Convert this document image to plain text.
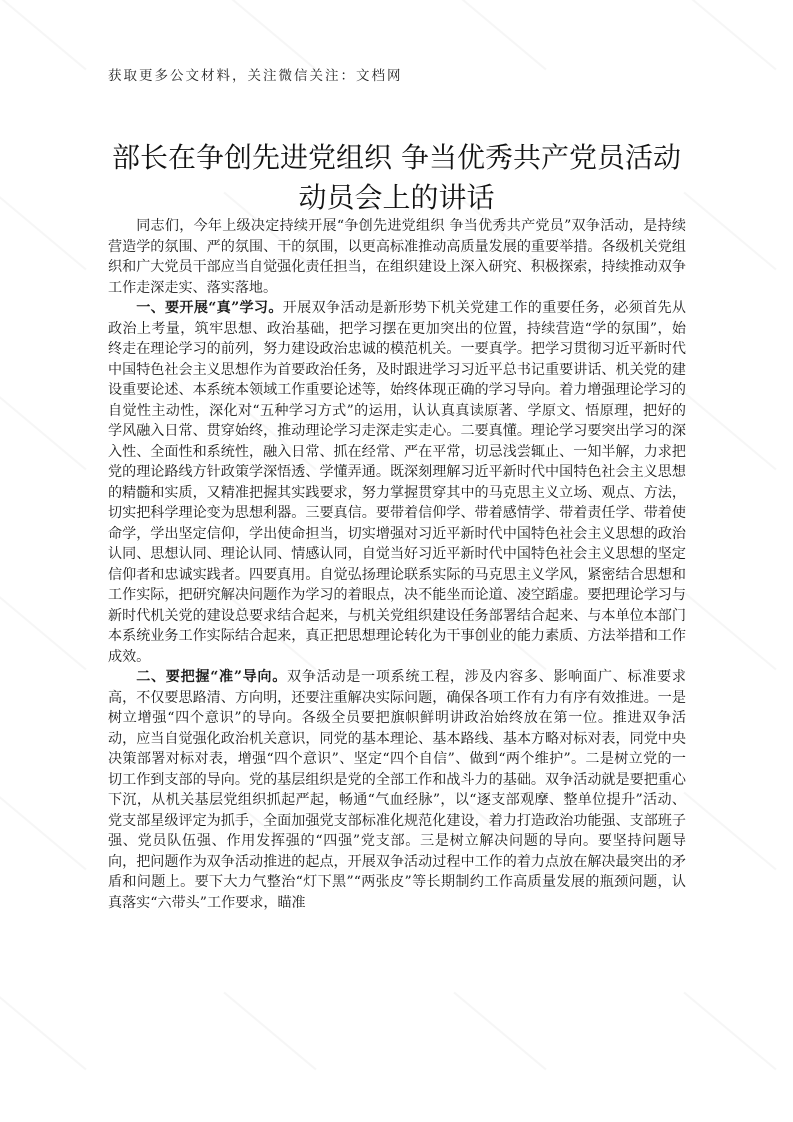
获取更多公文材料，关注微信关注：文档网
部长在争创先进党组织 争当优秀共产党员活动动员会上的讲话

同志们，今年上级决定持续开展“争创先进党组织 争当优秀共产党员”双争活动，是持续营造学的氛围、严的氛围、干的氛围，以更高标准推动高质量发展的重要举措。各级机关党组织和广大党员干部应当自觉强化责任担当，在组织建设上深入研究、积极探索，持续推动双争工作走深走实、落实落地。

一、要开展“真”学习。开展双争活动是新形势下机关党建工作的重要任务，必须首先从政治上考量，筑牢思想、政治基础，把学习摆在更加突出的位置，持续营造“学的氛围”，始终走在理论学习的前列，努力建设政治忠诚的模范机关。一要真学。把学习贯彻习近平新时代中国特色社会主义思想作为首要政治任务，及时跟进学习习近平总书记重要讲话、机关党的建设重要论述、本系统本领域工作重要论述等，始终体现正确的学习导向。着力增强理论学习的自觉性主动性，深化对“五种学习方式”的运用，认认真真读原著、学原文、悟原理，把好的学风融入日常、贯穿始终，推动理论学习走深走实走心。二要真懂。理论学习要突出学习的深入性、全面性和系统性，融入日常、抓在经常、严在平常，切忌浅尝辄止、一知半解，力求把党的理论路线方针政策学深悟透、学懂弄通。既深刻理解习近平新时代中国特色社会主义思想的精髓和实质，又精准把握其实践要求，努力掌握贯穿其中的马克思主义立场、观点、方法，切实把科学理论变为思想利器。三要真信。要带着信仰学、带着感情学、带着责任学、带着使命学，学出坚定信仰，学出使命担当，切实增强对习近平新时代中国特色社会主义思想的政治认同、思想认同、理论认同、情感认同，自觉当好习近平新时代中国特色社会主义思想的坚定信仰者和忠诚实践者。四要真用。自觉弘扬理论联系实际的马克思主义学风，紧密结合思想和工作实际，把研究解决问题作为学习的着眼点，决不能坐而论道、凌空蹈虚。要把理论学习与新时代机关党的建设总要求结合起来，与机关党组织建设任务部署结合起来、与本单位本部门本系统业务工作实际结合起来，真正把思想理论转化为干事创业的能力素质、方法举措和工作成效。

二、要把握“准”导向。双争活动是一项系统工程，涉及内容多、影响面广、标准要求高，不仅要思路清、方向明，还要注重解决实际问题，确保各项工作有力有序有效推进。一是树立增强“四个意识”的导向。各级全员要把旗帜鲜明讲政治始终放在第一位。推进双争活动，应当自觉强化政治机关意识，同党的基本理论、基本路线、基本方略对标对表，同党中央决策部署对标对表，增强“四个意识”、坚定“四个自信”、做到“两个维护”。二是树立党的一切工作到支部的导向。党的基层组织是党的全部工作和战斗力的基础。双争活动就是要把重心下沉，从机关基层党组织抓起严起，畅通“气血经脉”，以“逐支部观摩、整单位提升”活动、党支部星级评定为抓手，全面加强党支部标准化规范化建设，着力打造政治功能强、支部班子强、党员队伍强、作用发挥强的“四强”党支部。三是树立解决问题的导向。要坚持问题导向，把问题作为双争活动推进的起点，开展双争活动过程中工作的着力点放在解决最突出的矛盾和问题上。要下大力气整治“灯下黑”“两张皮”等长期制约工作高质量发展的瓶颈问题，认真落实“六带头”工作要求，瞄准
